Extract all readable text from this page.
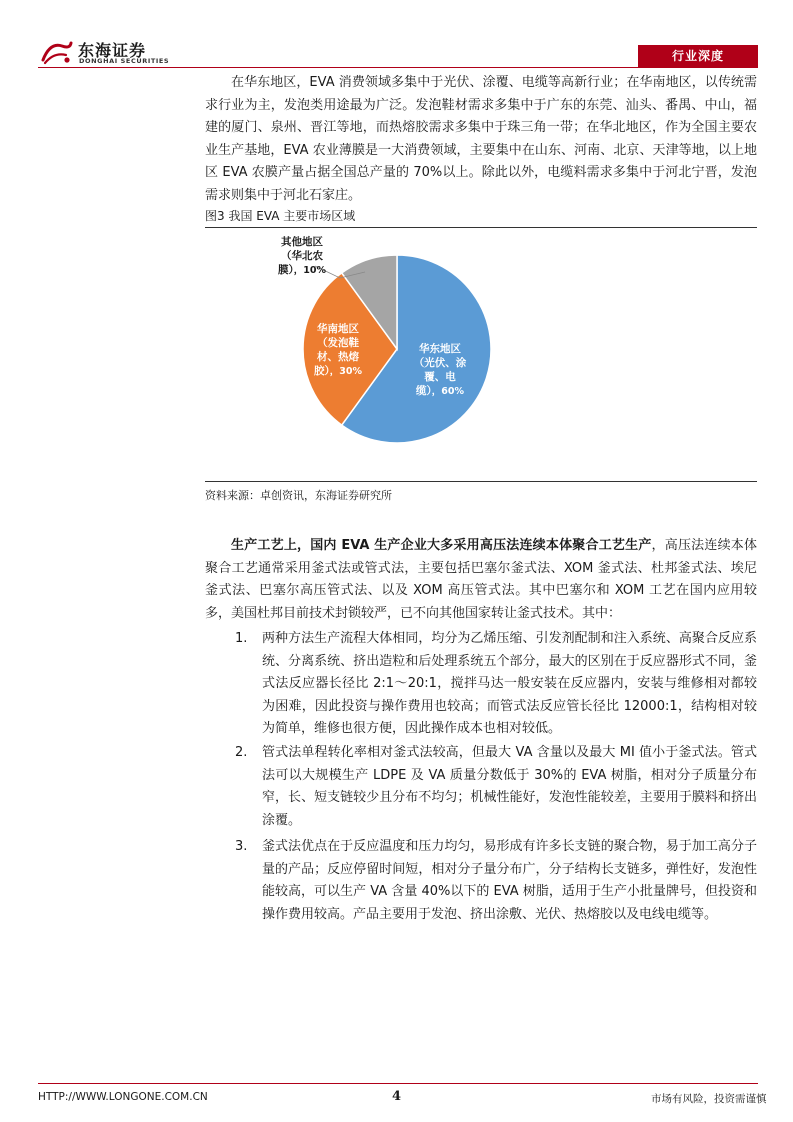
东海证券
DONGHAI SECURITIES	行业深度
在华东地区，EVA 消费领域多集中于光伏、涂覆、电缆等高新行业；在华南地区，以传统需求行业为主，发泡类用途最为广泛。发泡鞋材需求多集中于广东的东莞、汕头、番禺、中山，福建的厦门、泉州、晋江等地，而热熔胶需求多集中于珠三角一带；在华北地区，作为全国主要农业生产基地，EVA 农业薄膜是一大消费领域，主要集中在山东、河南、北京、天津等地，以上地区 EVA 农膜产量占据全国总产量的 70%以上。除此以外，电缆料需求多集中于河北宁晋，发泡需求则集中于河北石家庄。
图3 我国 EVA 主要市场区域
华东地区（光伏、涂覆、电缆），60%
华南地区（发泡鞋材、热熔胶），30%
其他地区（华北农膜），10%
资料来源：卓创资讯，东海证券研究所
生产工艺上，国内 EVA 生产企业大多采用高压法连续本体聚合工艺生产，高压法连续本体聚合工艺通常采用釜式法或管式法，主要包括巴塞尔釜式法、XOM 釜式法、杜邦釜式法、埃尼釜式法、巴塞尔高压管式法、以及 XOM 高压管式法。其中巴塞尔和 XOM 工艺在国内应用较多，美国杜邦目前技术封锁较严，已不向其他国家转让釜式技术。其中：
1. 两种方法生产流程大体相同，均分为乙烯压缩、引发剂配制和注入系统、高聚合反应系统、分离系统、挤出造粒和后处理系统五个部分，最大的区别在于反应器形式不同，釜式法反应器长径比 2:1～20:1，搅拌马达一般安装在反应器内，安装与维修相对都较为困难，因此投资与操作费用也较高；而管式法反应管长径比 12000:1，结构相对较为简单，维修也很方便，因此操作成本也相对较低。
2. 管式法单程转化率相对釜式法较高，但最大 VA 含量以及最大 MI 值小于釜式法。管式法可以大规模生产 LDPE 及 VA 质量分数低于 30%的 EVA 树脂，相对分子质量分布窄，长、短支链较少且分布不均匀；机械性能好，发泡性能较差，主要用于膜料和挤出涂覆。
3. 釜式法优点在于反应温度和压力均匀，易形成有许多长支链的聚合物，易于加工高分子量的产品；反应停留时间短，相对分子量分布广，分子结构长支链多，弹性好，发泡性能较高，可以生产 VA 含量 40%以下的 EVA 树脂，适用于生产小批量牌号，但投资和操作费用较高。产品主要用于发泡、挤出涂敷、光伏、热熔胶以及电线电缆等。
HTTP://WWW.LONGONE.COM.CN	4	市场有风险，投资需谨慎
